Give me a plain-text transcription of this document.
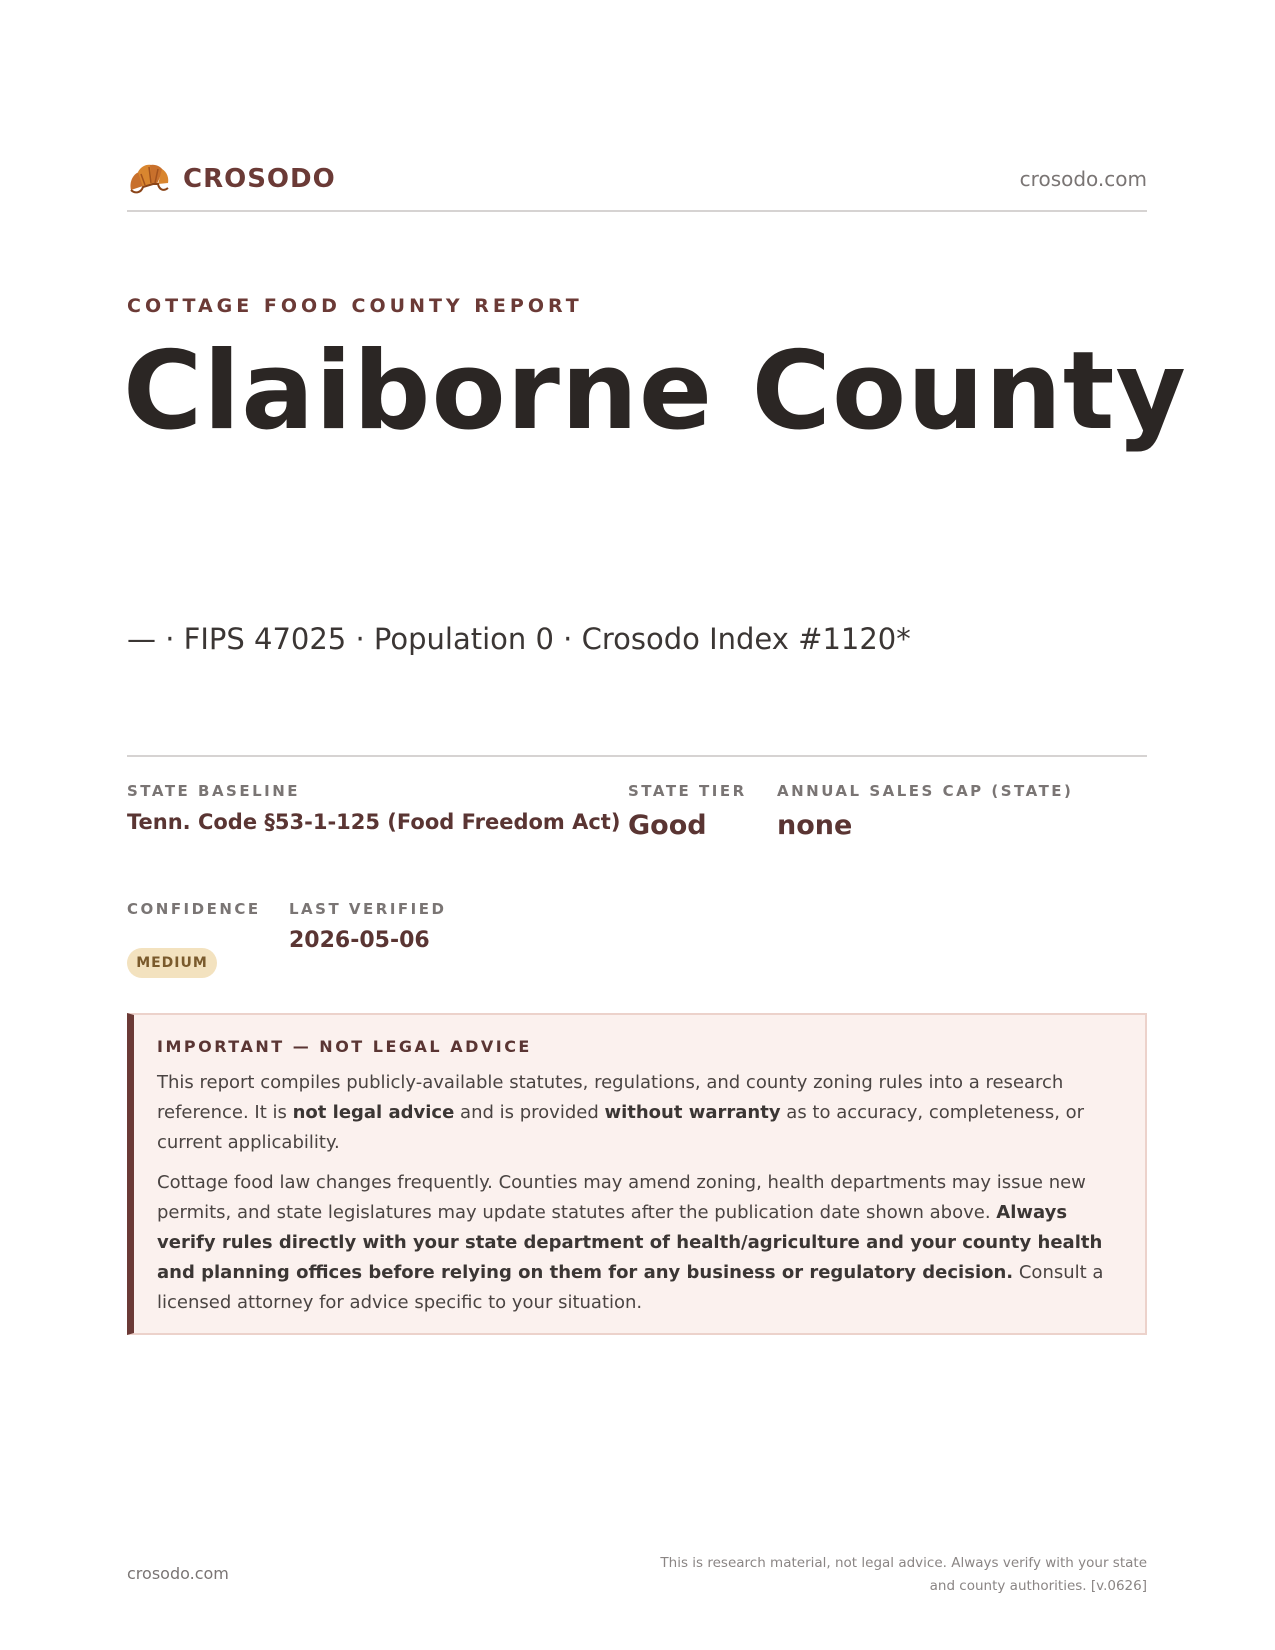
CROSODO	crosodo.com
COTTAGE FOOD COUNTY REPORT
Claiborne County
— · FIPS 47025 · Population 0 · Crosodo Index #1120*
STATE BASELINE
Tenn. Code §53-1-125 (Food Freedom Act)
STATE TIER
Good
ANNUAL SALES CAP (STATE)
none
CONFIDENCE
MEDIUM
LAST VERIFIED
2026-05-06
IMPORTANT — NOT LEGAL ADVICE

This report compiles publicly-available statutes, regulations, and county zoning rules into a research reference. It is not legal advice and is provided without warranty as to accuracy, completeness, or current applicability.

Cottage food law changes frequently. Counties may amend zoning, health departments may issue new permits, and state legislatures may update statutes after the publication date shown above. Always verify rules directly with your state department of health/agriculture and your county health and planning offices before relying on them for any business or regulatory decision. Consult a licensed attorney for advice specific to your situation.

crosodo.com
This is research material, not legal advice. Always verify with your state
and county authorities. [v.0626]
